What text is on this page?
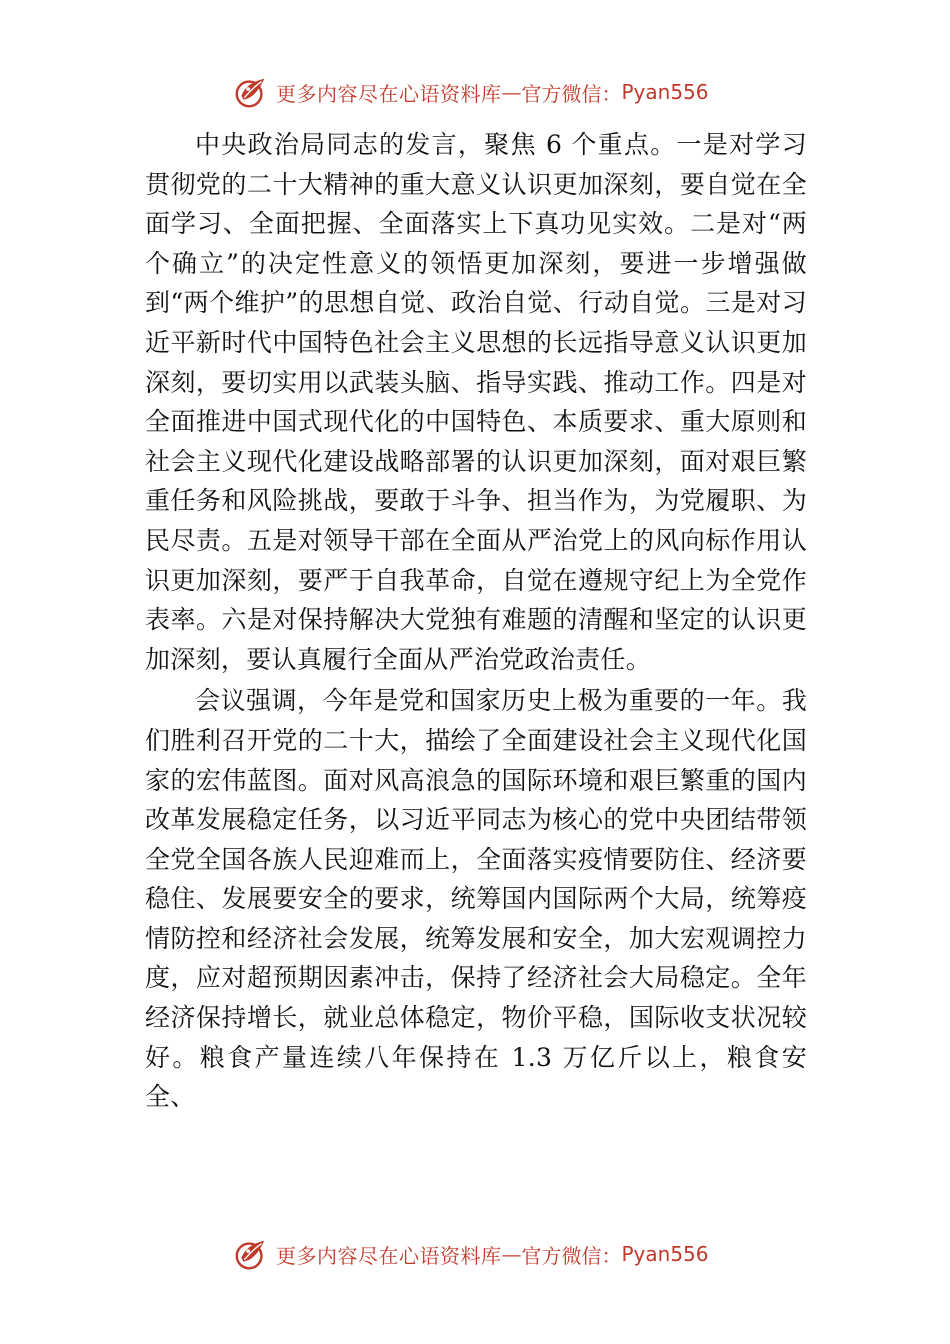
更多内容尽在心语资料库 — 官方微信： Pyan556

中央政治局同志的发言，聚焦 6 个重点。一是对学习贯彻党的二十大精神的重大意义认识更加深刻，要自觉在全面学习、全面把握、全面落实上下真功见实效。二是对“两个确立”的决定性意义的领悟更加深刻，要进一步增强做到“两个维护”的思想自觉、政治自觉、行动自觉。三是对习近平新时代中国特色社会主义思想的长远指导意义认识更加深刻，要切实用以武装头脑、指导实践、推动工作。四是对全面推进中国式现代化的中国特色、本质要求、重大原则和社会主义现代化建设战略部署的认识更加深刻，面对艰巨繁重任务和风险挑战，要敢于斗争、担当作为，为党履职、为民尽责。五是对领导干部在全面从严治党上的风向标作用认识更加深刻，要严于自我革命，自觉在遵规守纪上为全党作表率。六是对保持解决大党独有难题的清醒和坚定的认识更加深刻，要认真履行全面从严治党政治责任。

会议强调，今年是党和国家历史上极为重要的一年。我们胜利召开党的二十大，描绘了全面建设社会主义现代化国家的宏伟蓝图。面对风高浪急的国际环境和艰巨繁重的国内改革发展稳定任务，以习近平同志为核心的党中央团结带领全党全国各族人民迎难而上，全面落实疫情要防住、经济要稳住、发展要安全的要求，统筹国内国际两个大局，统筹疫情防控和经济社会发展，统筹发展和安全，加大宏观调控力度，应对超预期因素冲击，保持了经济社会大局稳定。全年经济保持增长，就业总体稳定，物价平稳，国际收支状况较好。粮食产量连续八年保持在 1.3 万亿斤以上，粮食安全、

更多内容尽在心语资料库 — 官方微信： Pyan556
